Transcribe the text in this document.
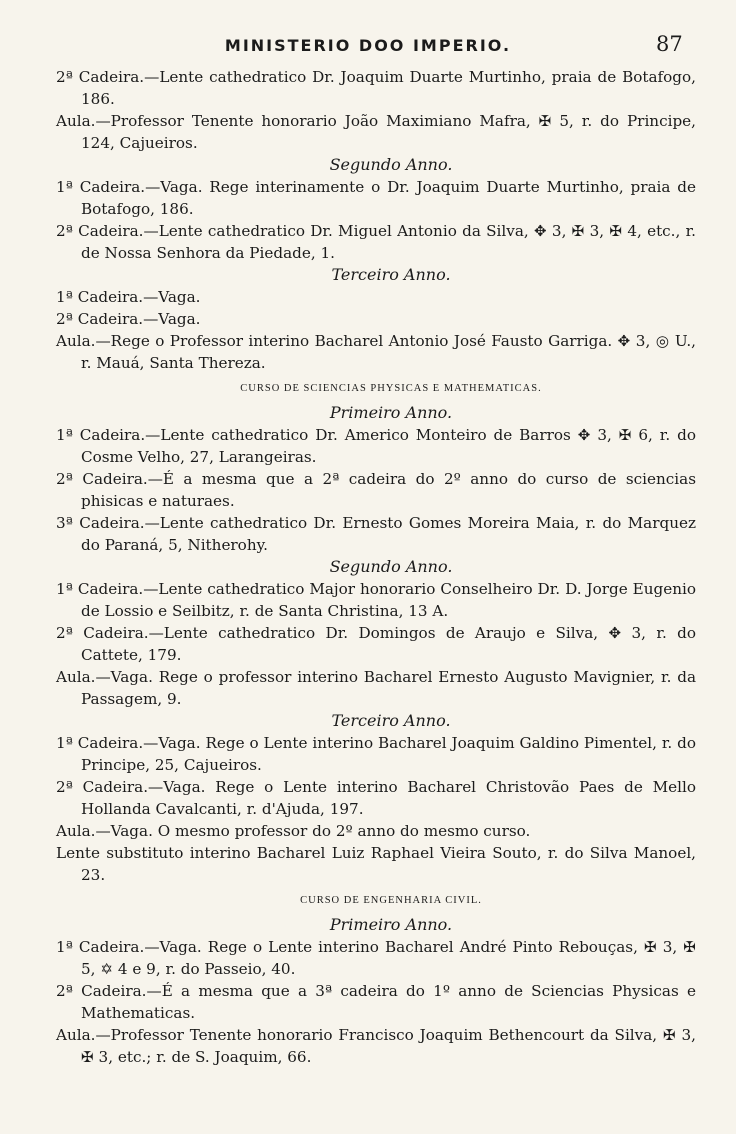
MINISTERIO DOO IMPERIO.	87

2ª Cadeira.—Lente cathedratico Dr. Joaquim Duarte Murtinho, praia de Botafogo, 186.

Aula.—Professor Tenente honorario João Maximiano Mafra, ✠ 5, r. do Principe, 124, Cajueiros.

Segundo Anno.

1ª Cadeira.—Vaga. Rege interinamente o Dr. Joaquim Duarte Murtinho, praia de Botafogo, 186.

2ª Cadeira.—Lente cathedratico Dr. Miguel Antonio da Silva, ✥ 3, ✠ 3, ✠ 4, etc., r. de Nossa Senhora da Piedade, 1.

Terceiro Anno.

1ª Cadeira.—Vaga.

2ª Cadeira.—Vaga.

Aula.—Rege o Professor interino Bacharel Antonio José Fausto Garriga. ✥ 3, ◎ U., r. Mauá, Santa Thereza.

CURSO DE SCIENCIAS PHYSICAS E MATHEMATICAS.

Primeiro Anno.

1ª Cadeira.—Lente cathedratico Dr. Americo Monteiro de Barros ✥ 3, ✠ 6, r. do Cosme Velho, 27, Larangeiras.

2ª Cadeira.—É a mesma que a 2ª cadeira do 2º anno do curso de sciencias phisicas e naturaes.

3ª Cadeira.—Lente cathedratico Dr. Ernesto Gomes Moreira Maia, r. do Marquez do Paraná, 5, Nitherohy.

Segundo Anno.

1ª Cadeira.—Lente cathedratico Major honorario Conselheiro Dr. D. Jorge Eugenio de Lossio e Seilbitz, r. de Santa Christina, 13 A.

2ª Cadeira.—Lente cathedratico Dr. Domingos de Araujo e Silva, ✥ 3, r. do Cattete, 179.

Aula.—Vaga. Rege o professor interino Bacharel Ernesto Augusto Mavignier, r. da Passagem, 9.

Terceiro Anno.

1ª Cadeira.—Vaga. Rege o Lente interino Bacharel Joaquim Galdino Pimentel, r. do Principe, 25, Cajueiros.

2ª Cadeira.—Vaga. Rege o Lente interino Bacharel Christovão Paes de Mello Hollanda Cavalcanti, r. d'Ajuda, 197.

Aula.—Vaga. O mesmo professor do 2º anno do mesmo curso.

Lente substituto interino Bacharel Luiz Raphael Vieira Souto, r. do Silva Manoel, 23.

CURSO DE ENGENHARIA CIVIL.

Primeiro Anno.

1ª Cadeira.—Vaga. Rege o Lente interino Bacharel André Pinto Rebouças, ✠ 3, ✠ 5, ✡ 4 e 9, r. do Passeio, 40.

2ª Cadeira.—É a mesma que a 3ª cadeira do 1º anno de Sciencias Physicas e Mathematicas.

Aula.—Professor Tenente honorario Francisco Joaquim Bethencourt da Silva, ✠ 3, ✠ 3, etc.; r. de S. Joaquim, 66.
